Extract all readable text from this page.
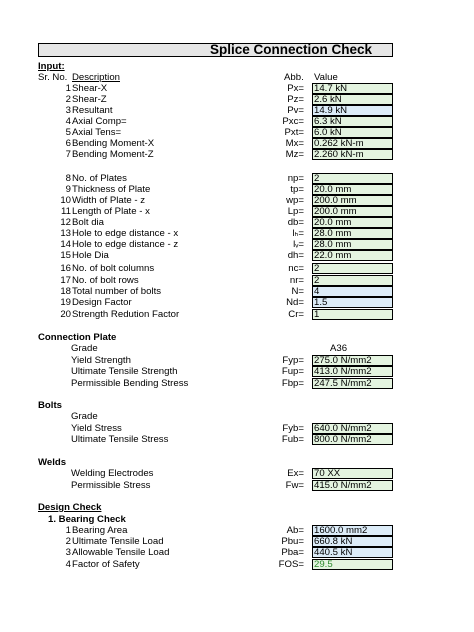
Splice Connection Check
Input:
Sr. No. Description	Abb. Value
1 Shear-X	Px= 14.7 kN
2 Shear-Z	Pz= 2.6 kN
3 Resultant	Pv= 14.9 kN
4 Axial Comp=	Pxc= 6.3 kN
5 Axial Tens=	Pxt= 6.0 kN
6 Bending Moment-X	Mx= 0.262 kN-m
7 Bending Moment-Z	Mz= 2.260 kN-m
8 No. of Plates	np= 2
9 Thickness of Plate	tp= 20.0 mm
10 Width of Plate - z	wp= 200.0 mm
11 Length of Plate - x	Lp= 200.0 mm
12 Bolt dia	db= 20.0 mm
13 Hole to edge distance - x	lₕ= 28.0 mm
14 Hole to edge distance - z	lᵥ= 28.0 mm
15 Hole Dia	dh= 22.0 mm
16 No. of bolt columns	nc= 2
17 No. of bolt rows	nr= 2
18 Total number of bolts	N= 4
19 Design Factor	Nd= 1.5
20 Strength Redution Factor	Cr= 1
Connection Plate
Grade	A36
Yield Strength	Fyp= 275.0 N/mm2
Ultimate Tensile Strength	Fup= 413.0 N/mm2
Permissible Bending Stress	Fbp= 247.5 N/mm2
Bolts
Grade
Yield Stress	Fyb= 640.0 N/mm2
Ultimate Tensile Stress	Fub= 800.0 N/mm2
Welds
Welding Electrodes	Ex= 70 XX
Permissible Stress	Fw= 415.0 N/mm2
Design Check
1. Bearing Check
1 Bearing Area	Ab= 1600.0 mm2
2 Ultimate Tensile Load	Pbu= 660.8 kN
3 Allowable Tensile Load	Pba= 440.5 kN
4 Factor of Safety	FOS= 29.5
